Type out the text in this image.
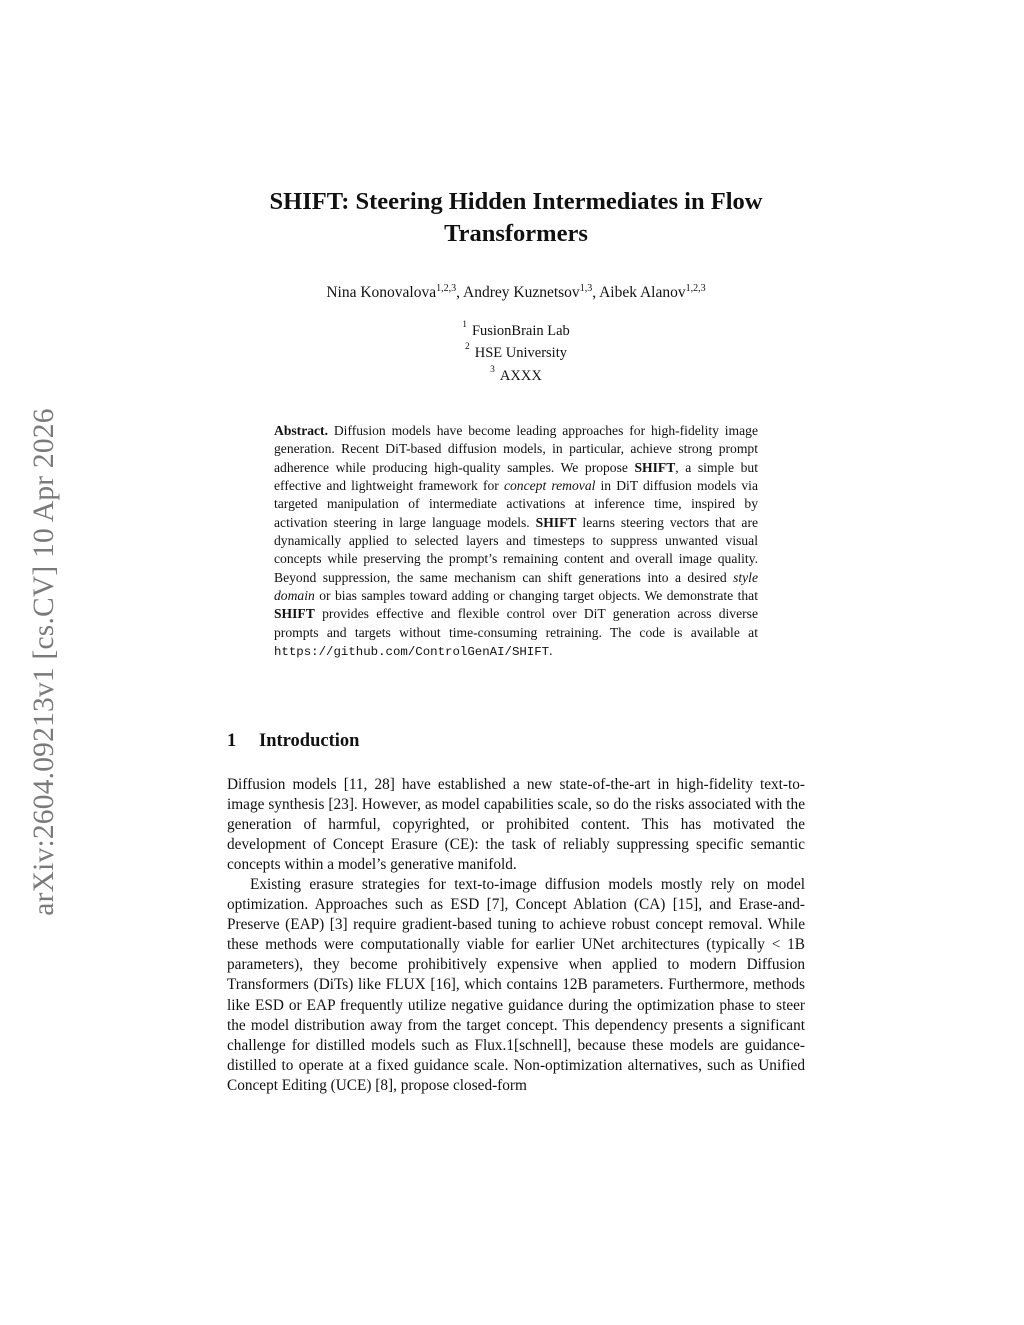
arXiv:2604.09213v1 [cs.CV] 10 Apr 2026
SHIFT: Steering Hidden Intermediates in Flow
Transformers
Nina Konovalova$^{1,2,3}$, Andrey Kuznetsov$^{1,3}$, Aibek Alanov$^{1,2,3}$
$^1$ FusionBrain Lab
$^2$ HSE University
$^3$ AXXX
Abstract. Diffusion models have become leading approaches for high-fidelity image generation. Recent DiT-based diffusion models, in particular, achieve strong prompt adherence while producing high-quality samples. We propose SHIFT, a simple but effective and lightweight framework for concept removal in DiT diffusion models via targeted manipulation of intermediate activations at inference time, inspired by activation steering in large language models. SHIFT learns steering vectors that are dynamically applied to selected layers and timesteps to suppress unwanted visual concepts while preserving the prompt’s remaining content and overall image quality. Beyond suppression, the same mechanism can shift generations into a desired style domain or bias samples toward adding or changing target objects. We demonstrate that SHIFT provides effective and flexible control over DiT generation across diverse prompts and targets without time-consuming retraining. The code is available at https://github.com/ControlGenAI/SHIFT.
1 Introduction

Diffusion models [11, 28] have established a new state-of-the-art in high-fidelity text-to-image synthesis [23]. However, as model capabilities scale, so do the risks associated with the generation of harmful, copyrighted, or prohibited content. This has motivated the development of Concept Erasure (CE): the task of reliably suppressing specific semantic concepts within a model’s generative manifold.

Existing erasure strategies for text-to-image diffusion models mostly rely on model optimization. Approaches such as ESD [7], Concept Ablation (CA) [15], and Erase-and-Preserve (EAP) [3] require gradient-based tuning to achieve robust concept removal. While these methods were computationally viable for earlier UNet architectures (typically < 1B parameters), they become prohibitively expensive when applied to modern Diffusion Transformers (DiTs) like FLUX [16], which contains 12B parameters. Furthermore, methods like ESD or EAP frequently utilize negative guidance during the optimization phase to steer the model distribution away from the target concept. This dependency presents a significant challenge for distilled models such as Flux.1[schnell], because these models are guidance-distilled to operate at a fixed guidance scale. Non-optimization alternatives, such as Unified Concept Editing (UCE) [8], propose closed-form
